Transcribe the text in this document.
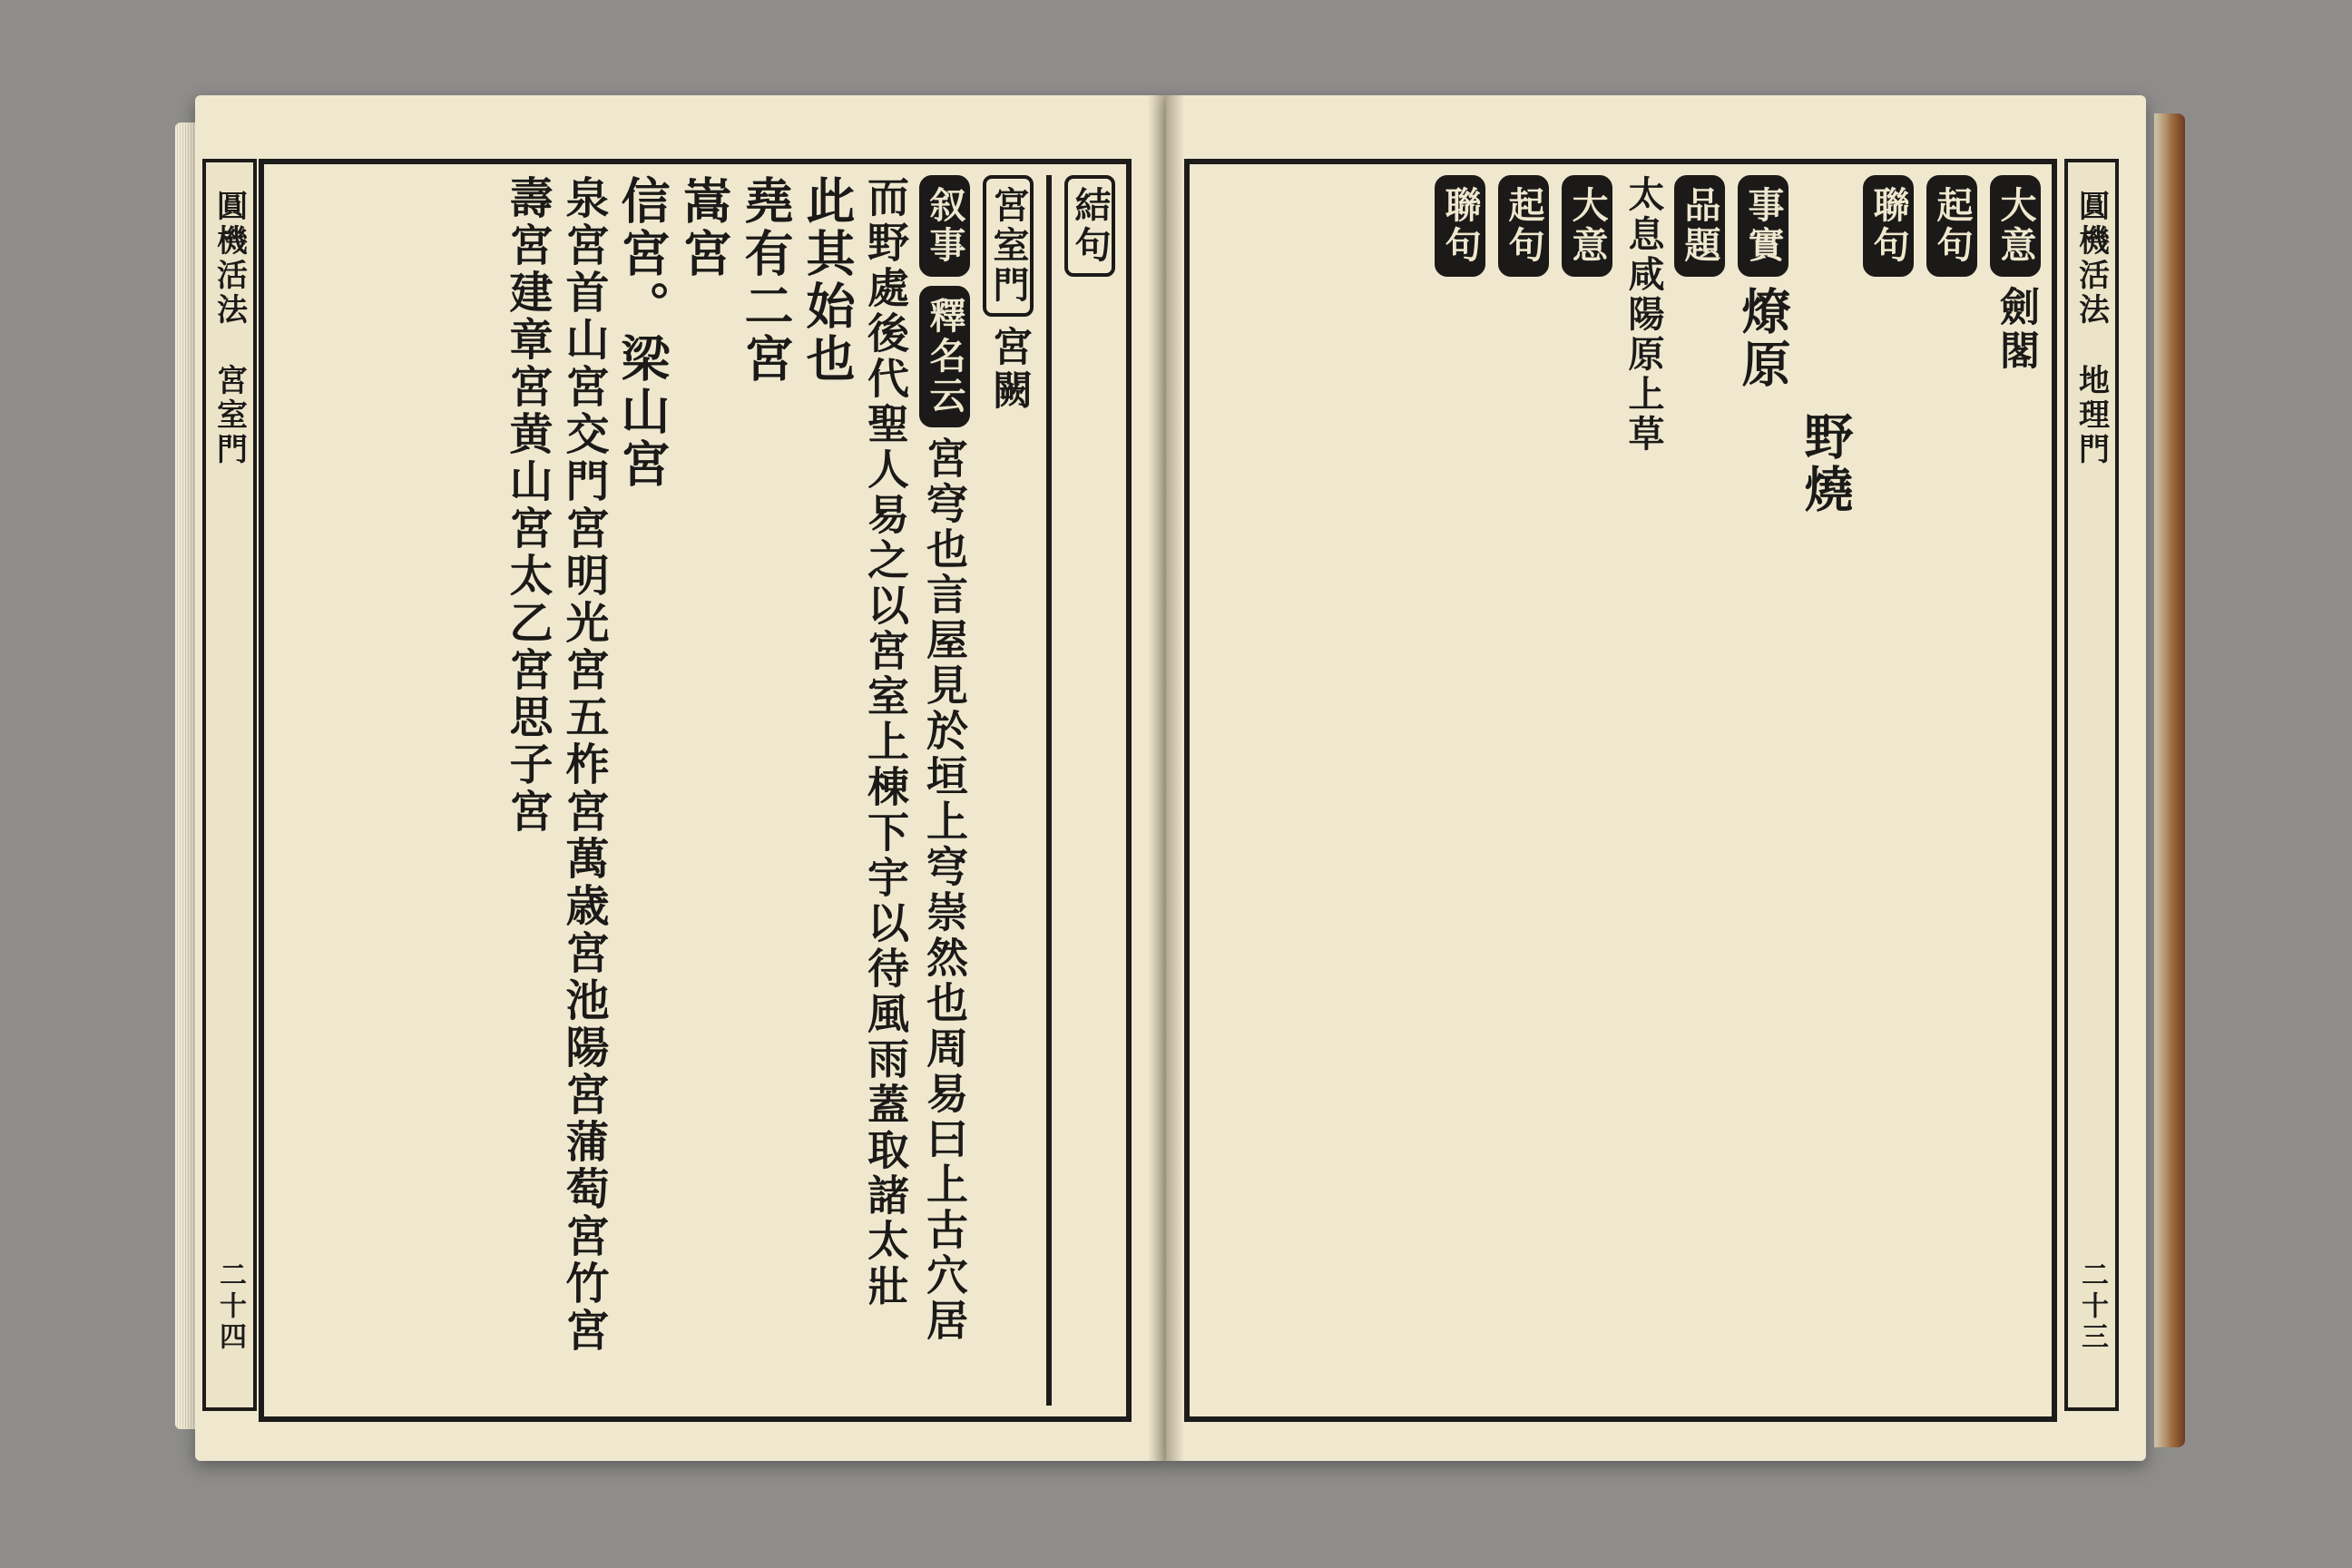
圓機活法
宮室門
二十四
結句
宮室門
宮闕
叙事
釋名云
宮穹也言屋見於垣上穹崇然也周易曰上古穴居
而野處後代聖人易之以宮室上棟下宇以待風雨蓋取諸太壯
此其始也
堯有二宮
嵩宮
信宮。梁山宮
泉宮首山宮交門宮明光宮五柞宮萬歳宮池陽宮蒲萄宮竹宮
壽宮建章宮黄山宮太乙宮思子宮	大意
劍閣
起句
聯句
野燒
事實
燎原
品題
太息咸陽原上草
大意
起句
聯句	圓機活法
地理門
二十三
